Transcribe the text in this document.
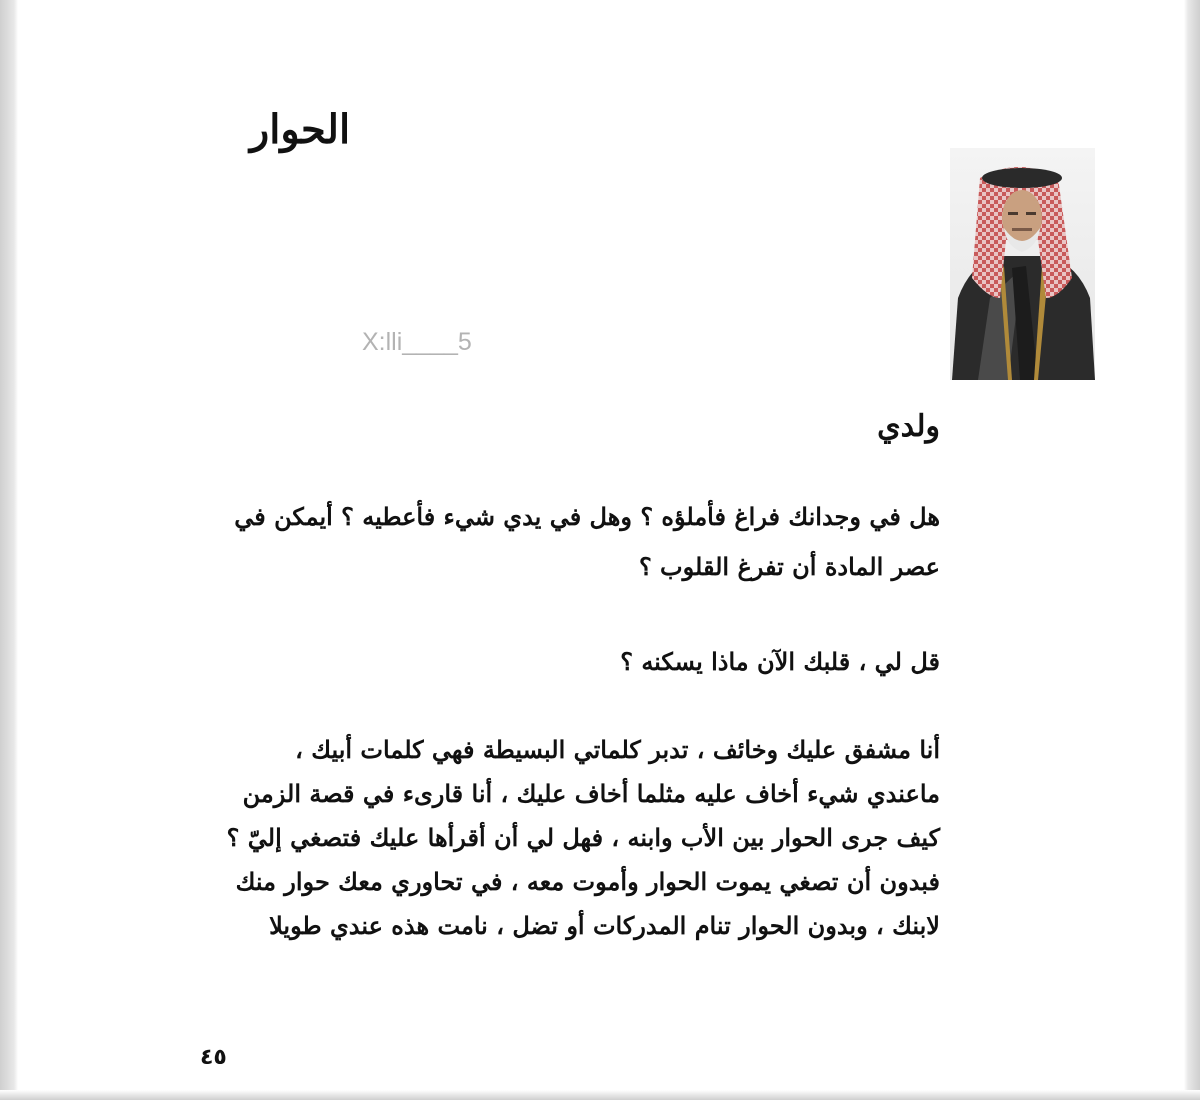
الحوار
X:lli____5
ولدي
هل في وجدانك فراغ فأملؤه ؟ وهل في يدي شيء فأعطيه ؟ أيمكن في
عصر المادة أن تفرغ القلوب ؟
قل لي ، قلبك الآن ماذا يسكنه ؟
أنا مشفق عليك وخائف ، تدبر كلماتي البسيطة فهي كلمات أبيك ،
ماعندي شيء أخاف عليه مثلما أخاف عليك ، أنا قارىء في قصة الزمن
كيف جرى الحوار بين الأب وابنه ، فهل لي أن أقرأها عليك فتصغي إليّ ؟
فبدون أن تصغي يموت الحوار وأموت معه ، في تحاوري معك حوار منك
لابنك ، وبدون الحوار تنام المدركات أو تضل ، نامت هذه عندي طويلا
٤٥
